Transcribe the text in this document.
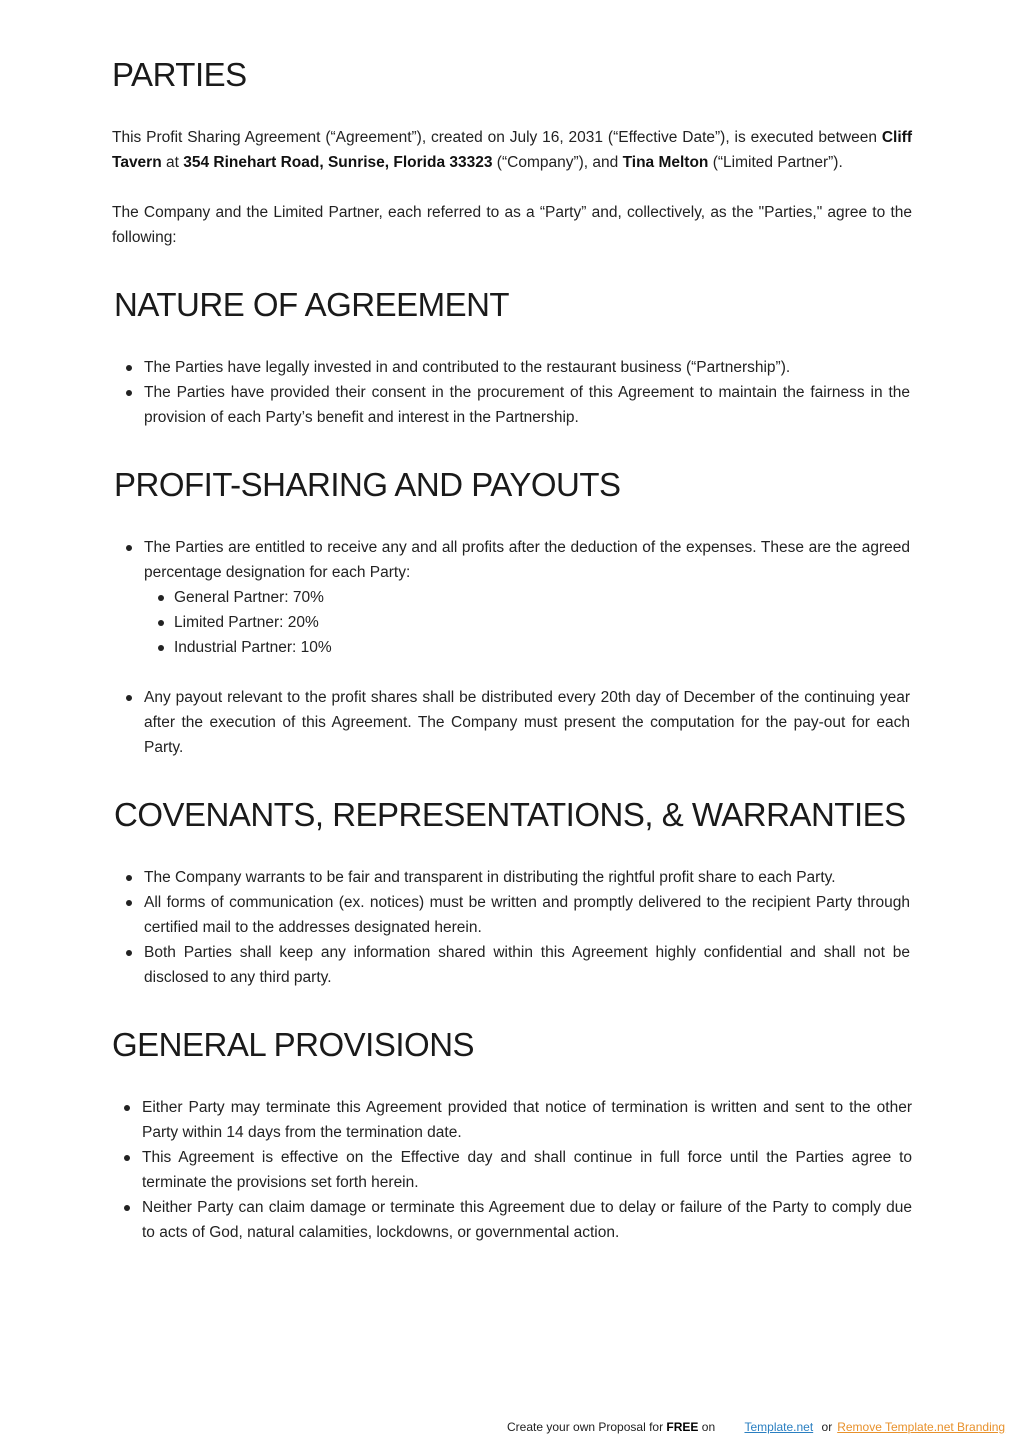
PARTIES

This Profit Sharing Agreement (“Agreement”), created on July 16, 2031 (“Effective Date”), is executed between Cliff Tavern at 354 Rinehart Road, Sunrise, Florida 33323 (“Company”), and Tina Melton (“Limited Partner”).

The Company and the Limited Partner, each referred to as a “Party” and, collectively, as the "Parties," agree to the following:

NATURE OF AGREEMENT
The Parties have legally invested in and contributed to the restaurant business (“Partnership”).
The Parties have provided their consent in the procurement of this Agreement to maintain the fairness in the provision of each Party’s benefit and interest in the Partnership.
PROFIT-SHARING AND PAYOUTS
The Parties are entitled to receive any and all profits after the deduction of the expenses. These are the agreed percentage designation for each Party:
General Partner: 70%
Limited Partner: 20%
Industrial Partner: 10%
Any payout relevant to the profit shares shall be distributed every 20th day of December of the continuing year after the execution of this Agreement. The Company must present the computation for the pay-out for each Party.
COVENANTS, REPRESENTATIONS, & WARRANTIES
The Company warrants to be fair and transparent in distributing the rightful profit share to each Party.
All forms of communication (ex. notices) must be written and promptly delivered to the recipient Party through certified mail to the addresses designated herein.
Both Parties shall keep any information shared within this Agreement highly confidential and shall not be disclosed to any third party.
GENERAL PROVISIONS
Either Party may terminate this Agreement provided that notice of termination is written and sent to the other Party within 14 days from the termination date.
This Agreement is effective on the Effective day and shall continue in full force until the Parties agree to terminate the provisions set forth herein.
Neither Party can claim damage or terminate this Agreement due to delay or failure of the Party to comply due to acts of God, natural calamities, lockdowns, or governmental action.
Create your own Proposal for FREE on Template.net or Remove Template.net Branding
